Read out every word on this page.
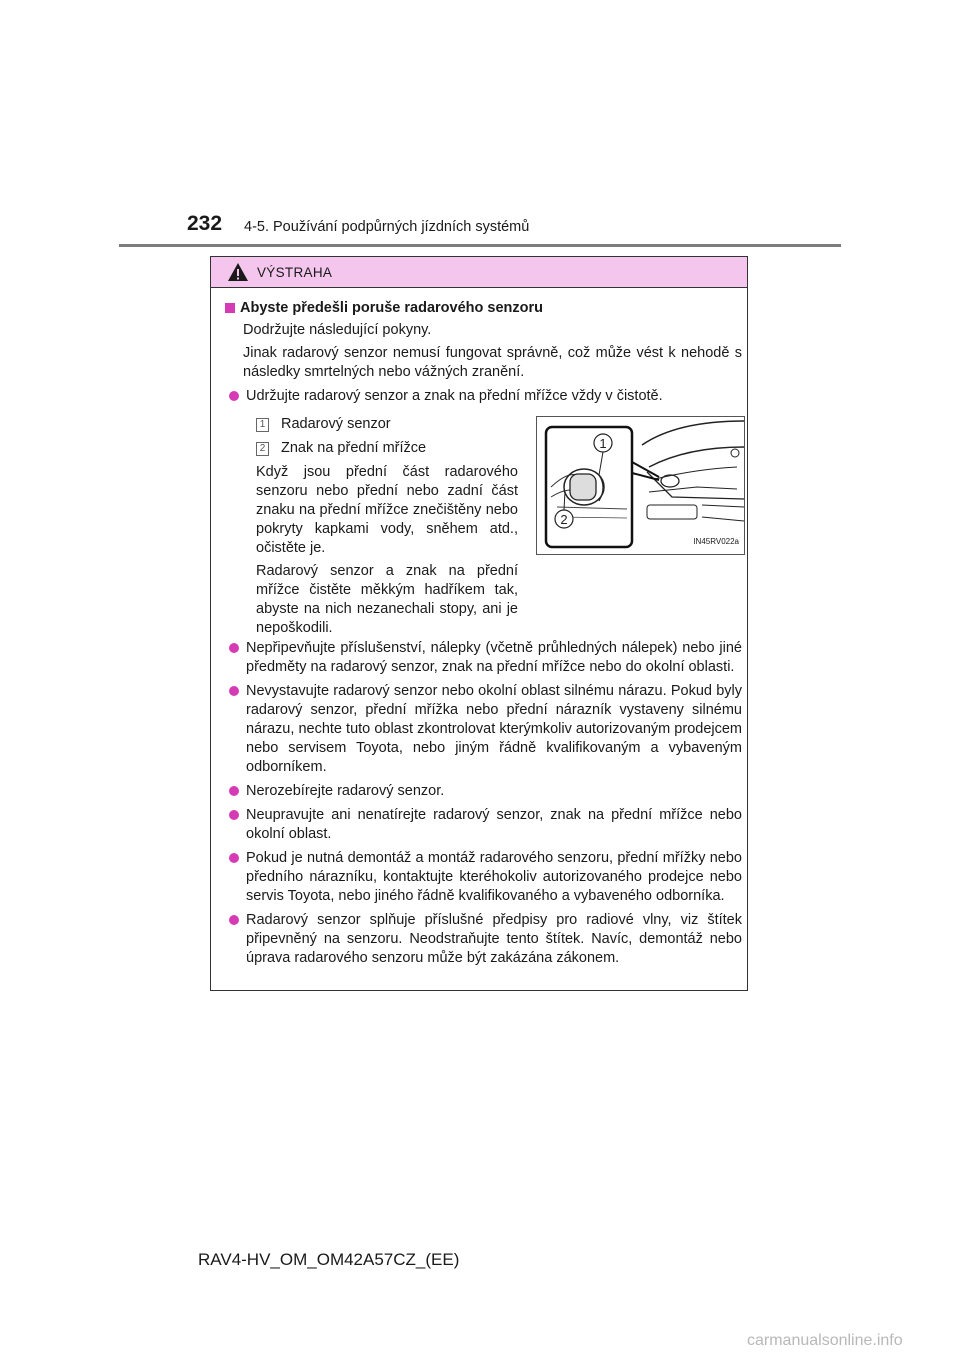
232 4-5. Používání podpůrných jízdních systémů
VÝSTRAHA
Abyste předešli poruše radarového senzoru
Dodržujte následující pokyny.
Jinak radarový senzor nemusí fungovat správně, což může vést k nehodě s následky smrtelných nebo vážných zranění.
Udržujte radarový senzor a znak na přední mřížce vždy v čistotě.
1 Radarový senzor
2 Znak na přední mřížce
Když jsou přední část radarového senzoru nebo přední nebo zadní část znaku na přední mřížce znečištěny nebo pokryty kapkami vody, sněhem atd., očistěte je.
Radarový senzor a znak na přední mřížce čistěte měkkým hadříkem tak, abyste na nich nezanechali stopy, ani je nepoškodili.
1
2
IN45RV022a
Nepřipevňujte příslušenství, nálepky (včetně průhledných nálepek) nebo jiné předměty na radarový senzor, znak na přední mřížce nebo do okolní oblasti.
Nevystavujte radarový senzor nebo okolní oblast silnému nárazu. Pokud byly radarový senzor, přední mřížka nebo přední nárazník vystaveny silnému nárazu, nechte tuto oblast zkontrolovat kterýmkoliv autorizovaným prodejcem nebo servisem Toyota, nebo jiným řádně kvalifikovaným a vybaveným odborníkem.
Nerozebírejte radarový senzor.
Neupravujte ani nenatírejte radarový senzor, znak na přední mřížce nebo okolní oblast.
Pokud je nutná demontáž a montáž radarového senzoru, přední mřížky nebo předního nárazníku, kontaktujte kteréhokoliv autorizovaného prodejce nebo servis Toyota, nebo jiného řádně kvalifikovaného a vybaveného odborníka.
Radarový senzor splňuje příslušné předpisy pro radiové vlny, viz štítek připevněný na senzoru. Neodstraňujte tento štítek. Navíc, demontáž nebo úprava radarového senzoru může být zakázána zákonem.
RAV4-HV_OM_OM42A57CZ_(EE)
carmanualsonline.info
